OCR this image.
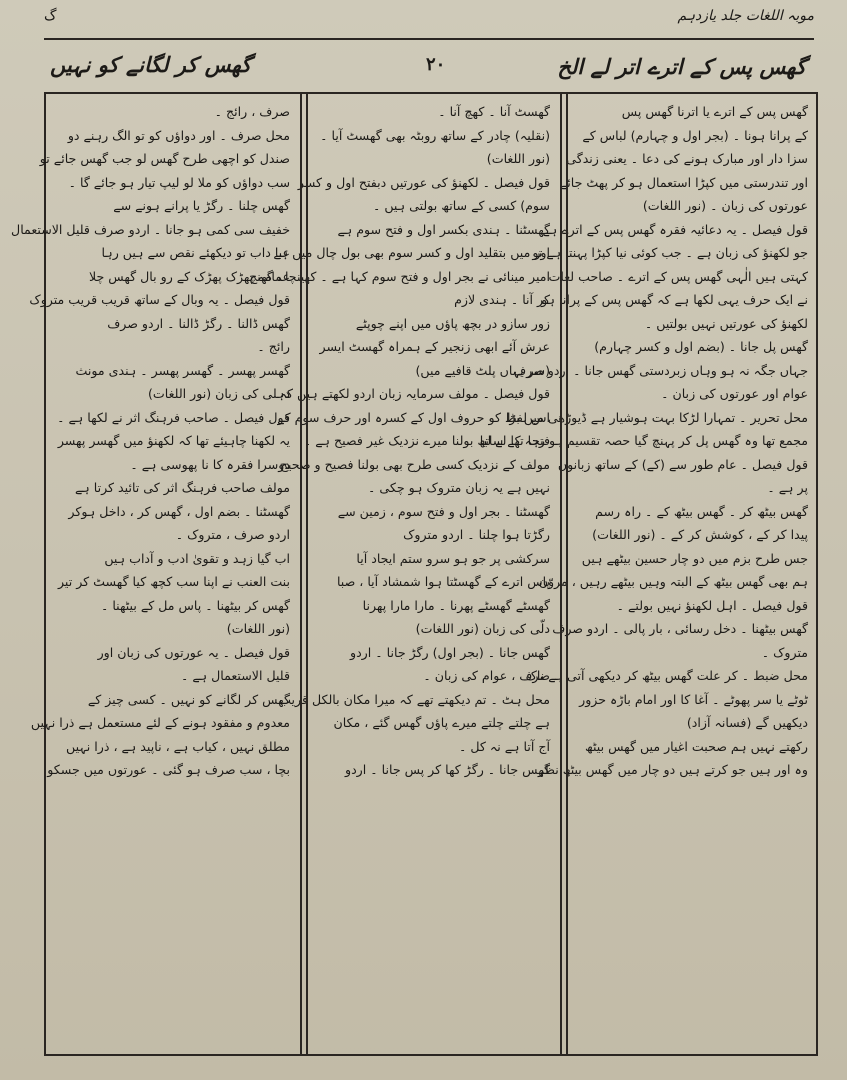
موبہ اللغات جلد یازدہم
گ
گھس پس کے اترے اتر لے الخ
۲۰
گھس کر لگانے کو نہیں
گھس پس کے اترے یا اترنا گھس پس
کے پرانا ہونا ۔ (بجر اول و چہارم) لباس کے
سزا دار اور مبارک ہونے کی دعا ۔ یعنی زندگی
اور تندرستی میں کپڑا استعمال ہو کر پھٹ جائے
عورتوں کی زبان ۔ (نور اللغات)
قول فیصل ۔ یہ دعائیہ فقرہ گھس پس کے اترے ہے
جو لکھنؤ کی زبان ہے ۔ جب کوئی نیا کپڑا پہنتا ہے تو
کہتی ہیں الٰہی گھس پس کے اترے ۔ صاحب لغات
نے ایک حرف یہی لکھا ہے کہ گھس پس کے پرانا ہو
لکھنؤ کی عورتیں نہیں بولتیں ۔
گھس پل جانا ۔ (بضم اول و کسر چہارم)
جہاں جگہ نہ ہو وہاں زبردستی گھس جانا ۔ اردو صرف
عوام اور عورتوں کی زبان ۔
محل تحریر ۔ تمہارا لڑکا بہت ہوشیار ہے ڈیوڑھی میں بڑا
مجمع تھا وہ گھس پل کر پہنچ گیا حصہ تقسیم ہو رہا تھا لے لیا
قول فیصل ۔ عام طور سے (کے) کے ساتھ زبانوں
پر ہے ۔
گھس بیٹھ کر ۔ گھس بیٹھ کے ۔ راہ رسم
پیدا کر کے ، کوشش کر کے ۔ (نور اللغات)
جس طرح بزم میں دو چار حسین بیٹھے ہیں
ہم بھی گھس بیٹھ کے البتہ وہیں بیٹھے رہیں ، مروّن
قول فیصل ۔ اہل لکھنؤ نہیں بولتے ۔
گھس بیٹھنا ۔ دخل رسائی ، بار پالی ۔ اردو صرف
متروک ۔
محل ضبط ۔ کر علت گھس بیٹھ کر دیکھی آتی ہے ناک
ٹوٹے یا سر پھوٹے ۔ آغا کا اور امام باڑہ حزور
دیکھیں گے (فسانہ آزاد)
رکھتے نہیں ہم صحبت اغیار میں گھس بیٹھ
وہ اور ہیں جو کرتے ہیں دو چار میں گھس بیٹھ نظر
گھسٹ آنا ۔ کھچ آنا ۔
(نقلیہ) چادر کے ساتھ روبٹہ بھی گھسٹ آیا ۔
(نور اللغات)
قول فیصل ۔ لکھنؤ کی عورتیں دبفتح اول و کسر
سوم) کسی کے ساتھ بولتی ہیں ۔
گھسٹنا ۔ ہندی بکسر اول و فتح سوم ہے
اور میں بتقلید اول و کسر سوم بھی بول چال میں ہے
امیر مینائی نے بجر اول و فتح سوم کہا ہے ۔ کھینچا ، گھنچ
کر آنا ۔ ہندی لازم
زور سازو در بچھ پاؤں میں اپنے چوپٹے
عرش آئے ابھی زنجیر کے ہمراہ گھسٹ ایسر
(سر یہاں پلٹ قافیے میں)
قول فیصل ۔ مولف سرمایہ زبان اردو لکھتے ہیں کہ
اس لفظ کو حروف اول کے کسرہ اور حرف سوم کے
فتحہ کے ساتھ بولنا میرے نزدیک غیر فصیح ہے ۔
مولف کے نزدیک کسی طرح بھی بولنا فصیح و صحیح
نہیں ہے یہ زبان متروک ہو چکی ۔
گھسٹنا ۔ بجر اول و فتح سوم ، زمین سے
رگڑتا ہوا چلنا ۔ اردو متروک
سرکشی پر جو ہو سرو ستم ایجاد آیا
پاس اترے کے گھسٹتا ہوا شمشاد آیا ، صبا
گھسٹے گھسٹے پھرنا ۔ مارا مارا پھرنا
دلّی کی زبان (نور اللغات)
گھس جانا ۔ (بجر اول) رگڑ جانا ۔ اردو
صرف ، عوام کی زبان ۔
محل ہٹ ۔ تم دیکھتے تھے کہ میرا مکان بالکل قریب
ہے چلتے چلتے میرے پاؤں گھس گئے ، مکان
آج آتا ہے نہ کل ۔
گھس جانا ۔ رگڑ کھا کر پس جانا ۔ اردو
صرف ، رائج ۔
محل صرف ۔ اور دواؤں کو تو الگ رہنے دو
صندل کو اچھی طرح گھس لو جب گھس جائے تو
سب دواؤں کو ملا لو لیپ تیار ہو جائے گا ۔
گھس چلنا ۔ رگڑ یا پرانے ہونے سے
خفیف سی کمی ہو جانا ۔ اردو صرف قلیل الاستعمال
عبا داب تو دیکھئے نقص سے ہیں رہا
عمامہ پھڑک پھڑک کے رو بال گھس چلا
قول فیصل ۔ یہ وبال کے ساتھ قریب قریب متروک
گھس ڈالنا ۔ رگڑ ڈالنا ۔ اردو صرف
رائج ۔
گھسر پھسر ۔ گھسر پھسر ۔ ہندی مونث
دہلی کی زبان (نور اللغات)
قول فیصل ۔ صاحب فرہنگ اثر نے لکھا ہے ۔
یہ لکھنا چاہیئے تھا کہ لکھنؤ میں گھسر پھسر
دوسرا فقرہ کا نا پھوسی ہے ۔
مولف صاحب فرہنگ اثر کی تائید کرتا ہے
گھسٹنا ۔ بضم اول ، گھس کر ، داخل ہوکر
اردو صرف ، متروک ۔
اب گیا زہد و تقویٰ ادب و آداب ہیں
بنت العنب نے اپنا سب کچھ کیا گھسٹ کر تیر
گھس کر بیٹھنا ۔ پاس مل کے بیٹھنا ۔
(نور اللغات)
قول فیصل ۔ یہ عورتوں کی زبان اور
قلیل الاستعمال ہے ۔
گھس کر لگانے کو نہیں ۔ کسی چیز کے
معدوم و مفقود ہونے کے لئے مستعمل ہے ذرا نہیں
مطلق نہیں ، کیاب ہے ، ناپید ہے ، ذرا نہیں
بچا ، سب صرف ہو گئی ۔ عورتوں میں جسکو
